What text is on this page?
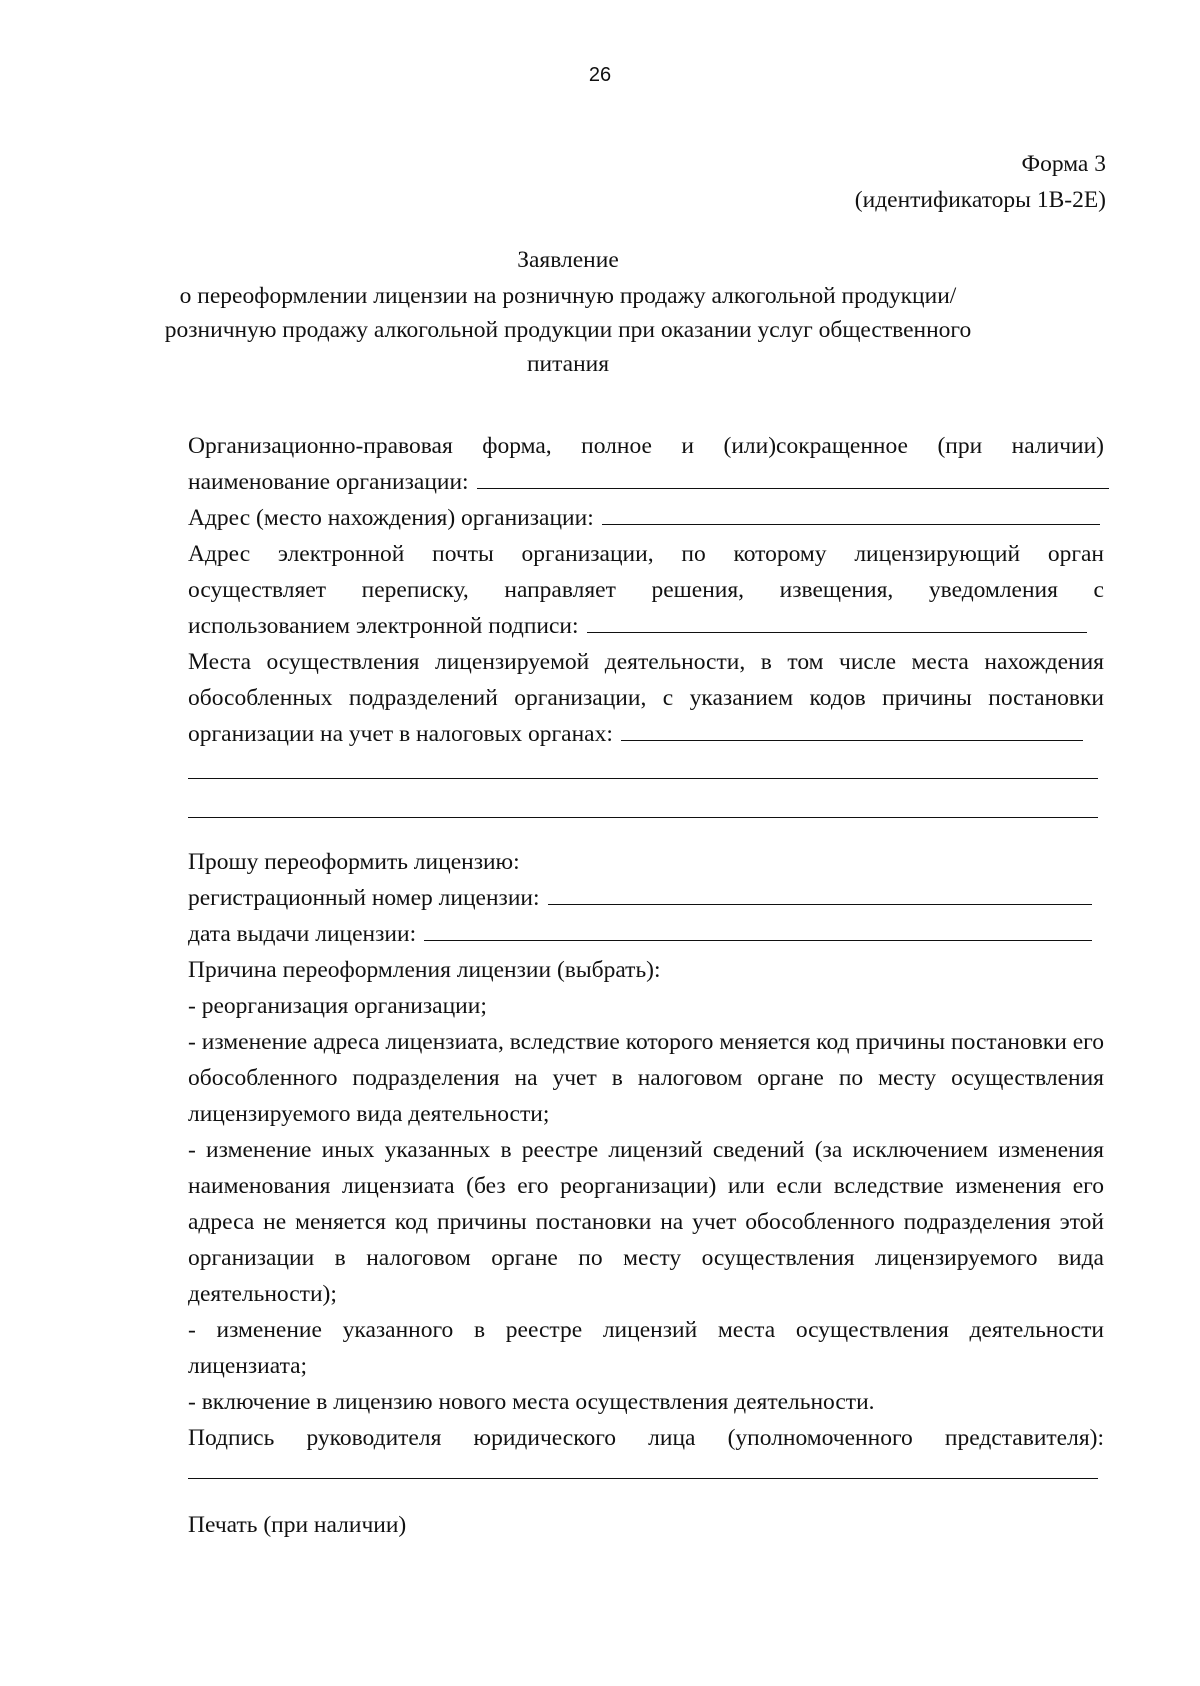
26
Форма 3
(идентификаторы 1В-2Е)
Заявление
о переоформлении лицензии на розничную продажу алкогольной продукции/
розничную продажу алкогольной продукции при оказании услуг общественного
питания
Организационно-правовая форма, полное и (или)сокращенное (при наличии)
наименование организации:
Адрес (место нахождения) организации:
Адрес электронной почты организации, по которому лицензирующий орган
осуществляет переписку, направляет решения, извещения, уведомления с
использованием электронной подписи:
Места осуществления лицензируемой деятельности, в том числе места нахождения
обособленных подразделений организации, с указанием кодов причины постановки
организации на учет в налоговых органах:
Прошу переоформить лицензию:
регистрационный номер лицензии:
дата выдачи лицензии:
Причина переоформления лицензии (выбрать):
- реорганизация организации;
- изменение адреса лицензиата, вследствие которого меняется код причины постановки его обособленного подразделения на учет в налоговом органе по месту осуществления лицензируемого вида деятельности;
- изменение иных указанных в реестре лицензий сведений (за исключением изменения наименования лицензиата (без его реорганизации) или если вследствие изменения его адреса не меняется код причины постановки на учет обособленного подразделения этой организации в налоговом органе по месту осуществления лицензируемого вида деятельности);
- изменение указанного в реестре лицензий места осуществления деятельности лицензиата;
- включение в лицензию нового места осуществления деятельности.
Подпись руководителя юридического лица (уполномоченного представителя):
Печать (при наличии)
